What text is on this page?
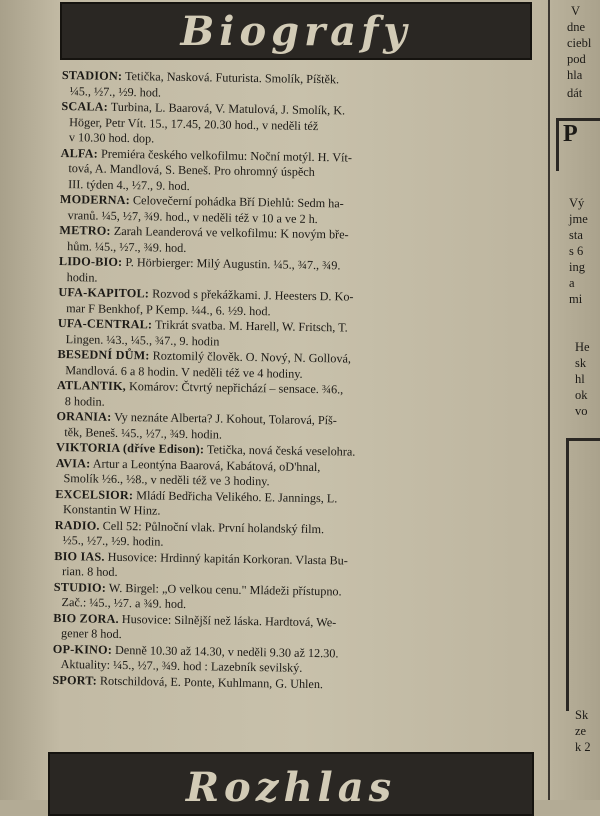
Biografy
P
V
dne
ciebl
pod
hla
dát
Vý
jme
sta
s 6
ing
a
mi
He
sk
hl
ok
vo
Sk
ze
k 2
STADION: Tetička, Nasková. Futurista. Smolík, Píštěk.
¼5., ½7., ½9. hod.
SCALA: Turbina, L. Baarová, V. Matulová, J. Smolík, K.
Höger, Petr Vít. 15., 17.45, 20.30 hod., v neděli též
v 10.30 hod. dop.
ALFA: Premiéra českého velkofilmu: Noční motýl. H. Vít-
tová, A. Mandlová, S. Beneš. Pro ohromný úspěch
III. týden 4., ½7., 9. hod.
MODERNA: Celovečerní pohádka Bří Diehlů: Sedm ha-
vranů. ¼5, ½7, ¾9. hod., v neděli též v 10 a ve 2 h.
METRO: Zarah Leanderová ve velkofilmu: K novým bře-
hům. ¼5., ½7., ¾9. hod.
LIDO-BIO: P. Hörbierger: Milý Augustin. ¼5., ¾7., ¾9.
hodin.
UFA-KAPITOL: Rozvod s překážkami. J. Heesters D. Ko-
mar F Benkhof, P Kemp. ¼4., 6. ½9. hod.
UFA-CENTRAL: Trikrát svatba. M. Harell, W. Fritsch, T.
Lingen. ¼3., ¼5., ¾7., 9. hodin
BESEDNÍ DŮM: Roztomilý člověk. O. Nový, N. Gollová,
Mandlová. 6 a 8 hodin. V neděli též ve 4 hodiny.
ATLANTIK, Komárov: Čtvrtý nepřichází – sensace. ¾6.,
8 hodin.
ORANIA: Vy neznáte Alberta? J. Kohout, Tolarová, Píš-
těk, Beneš. ¼5., ½7., ¾9. hodin.
VIKTORIA (dříve Edison): Tetička, nová česká veselohra.
AVIA: Artur a Leontýna Baarová, Kabátová, oD'hnal,
Smolík ½6., ½8., v neděli též ve 3 hodiny.
EXCELSIOR: Mládí Bedřicha Velikého. E. Jannings, L.
Konstantin W Hinz.
RADIO. Cell 52: Půlnoční vlak. První holandský film.
½5., ½7., ½9. hodin.
BIO IAS. Husovice: Hrdinný kapitán Korkoran. Vlasta Bu-
rian. 8 hod.
STUDIO: W. Birgel: „O velkou cenu." Mládeži přístupno.
Zač.: ¼5., ½7. a ¾9. hod.
BIO ZORA. Husovice: Silnější než láska. Hardtová, We-
gener 8 hod.
OP-KINO: Denně 10.30 až 14.30, v neděli 9.30 až 12.30.
Aktuality: ¼5., ½7., ¾9. hod : Lazebník sevilský.
SPORT: Rotschildová, E. Ponte, Kuhlmann, G. Uhlen.
Rozhlas
